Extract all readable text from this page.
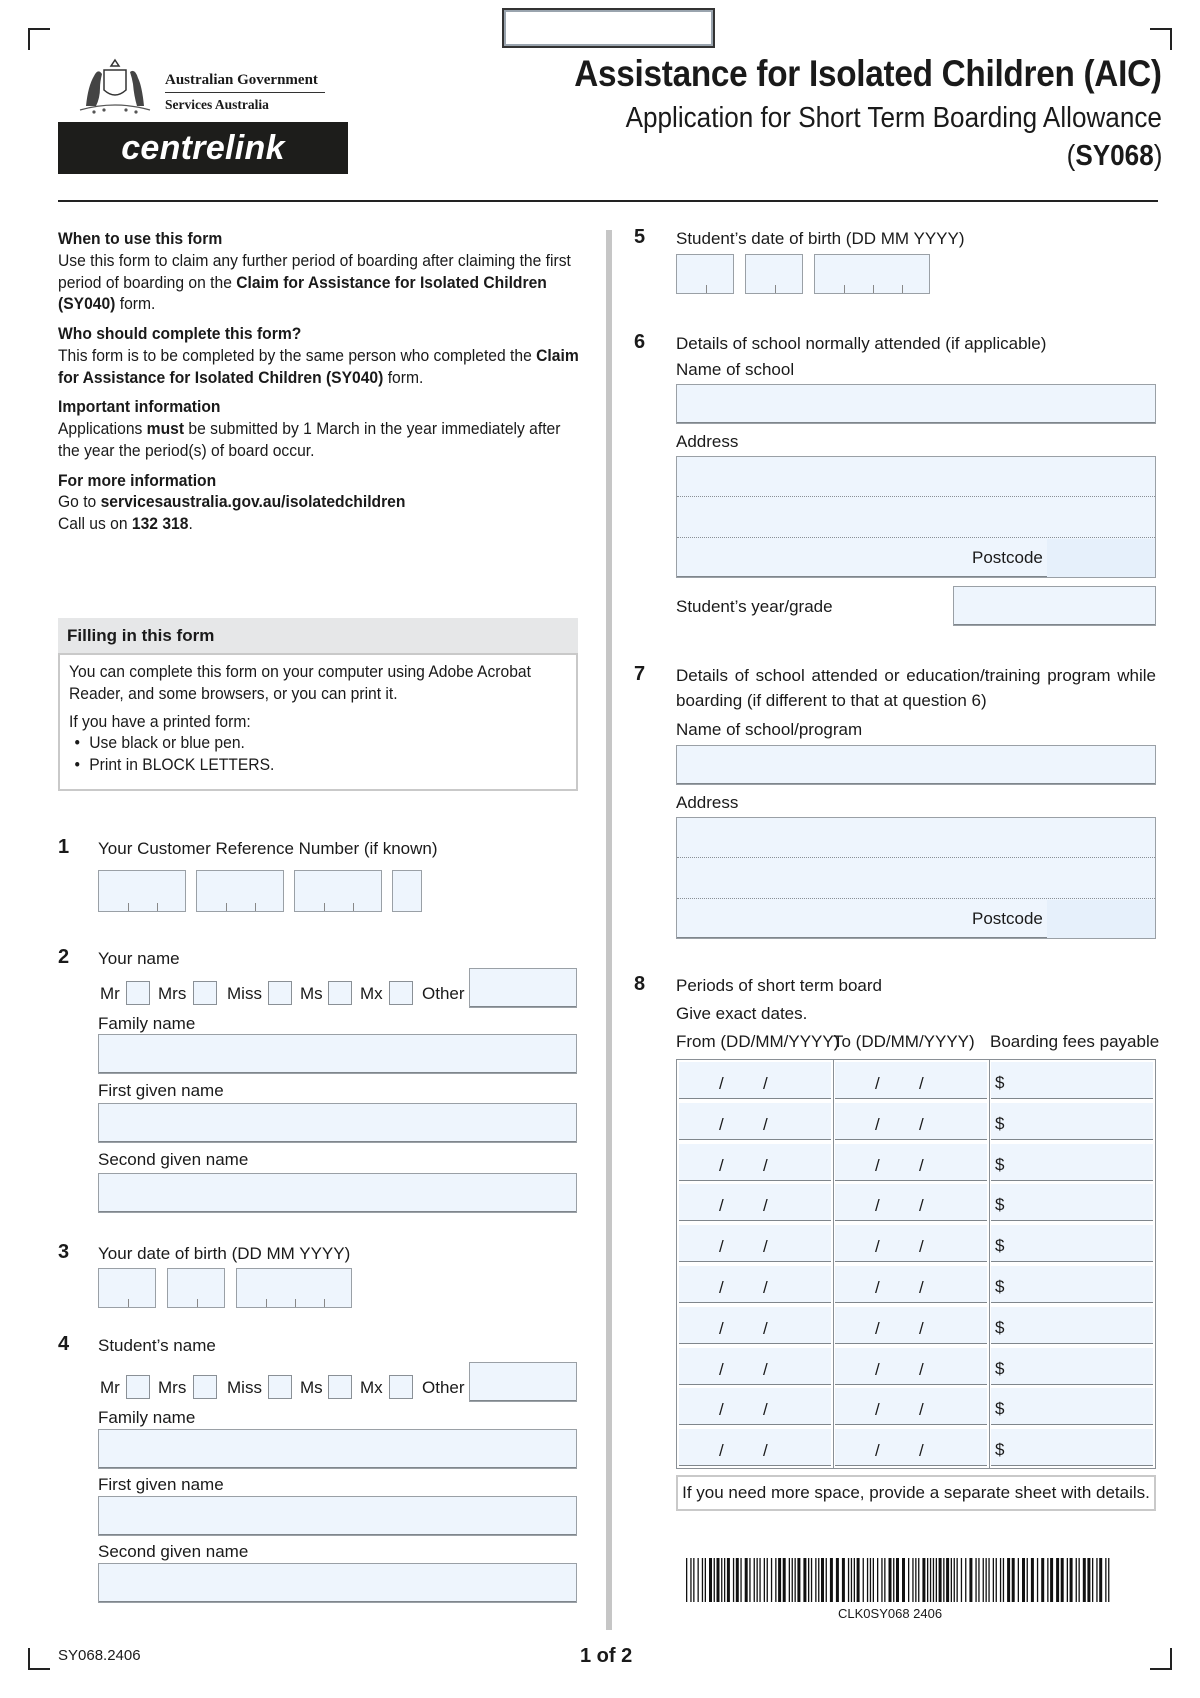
Australian Government
Services Australia
centrelink
Assistance for Isolated Children (AIC)
Application for Short Term Boarding Allowance
(SY068)
When to use this form

Use this form to claim any further period of boarding after claiming the first period of boarding on the Claim for Assistance for Isolated Children (SY040) form.

Who should complete this form?

This form is to be completed by the same person who completed the Claim for Assistance for Isolated Children (SY040) form.

Important information

Applications must be submitted by 1 March in the year immediately after the year the period(s) of board occur.

For more information

Go to servicesaustralia.gov.au/isolatedchildren
Call us on 132 318.

Filling in this form

You can complete this form on your computer using Adobe Acrobat Reader, and some browsers, or you can print it.

If you have a printed form:

• Use black or blue pen.
• Print in BLOCK LETTERS.
1 Your Customer Reference Number (if known)
2 Your name
Mr Mrs Miss Ms Mx Other
Family name
First given name
Second given name
3 Your date of birth (DD MM YYYY)
4 Student’s name
Mr Mrs Miss Ms Mx Other
Family name
First given name
Second given name
5 Student’s date of birth (DD MM YYYY)
6 Details of school normally attended (if applicable)
Name of school
Address
Postcode
Student’s year/grade
7 Details of school attended or education/training program while
boarding (if different to that at question 6)
Name of school/program
Address
Postcode
8 Periods of short term board
Give exact dates.
From (DD/MM/YYYY)
To (DD/MM/YYYY) Boarding fees payable
/ /	/ /	$
/ /	/ /	$
/ /	/ /	$
/ /	/ /	$
/ /	/ /	$
/ /	/ /	$
/ /	/ /	$
/ /	/ /	$
/ /	/ /	$
/ /	/ /	$
If you need more space, provide a separate sheet with details.
CLK0SY068 2406
SY068.2406	1 of 2
